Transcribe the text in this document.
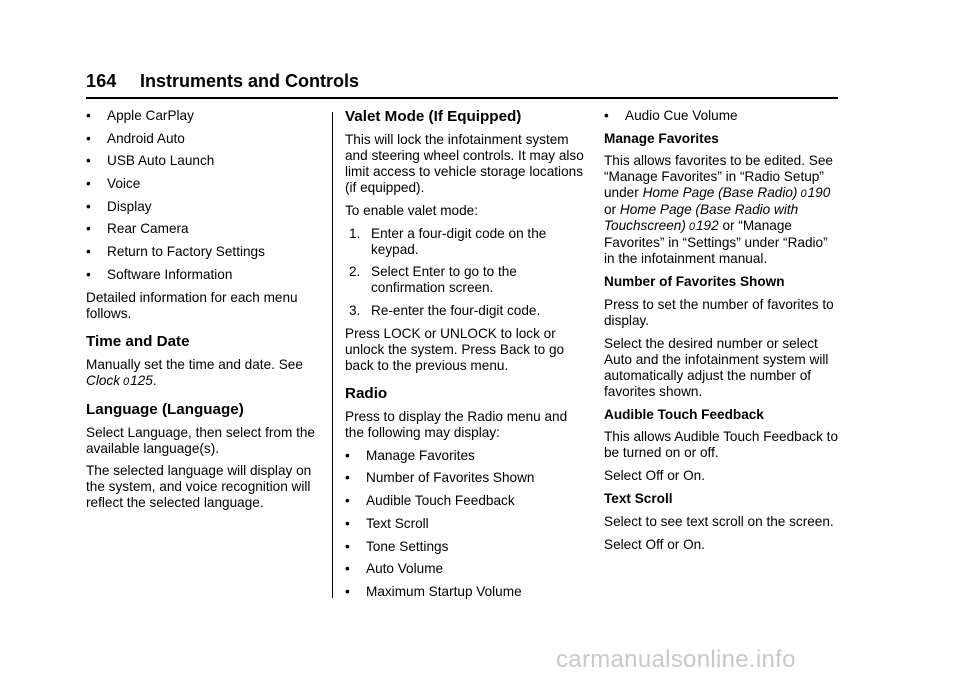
164 Instruments and Controls
• Apple CarPlay
• Android Auto
• USB Auto Launch
• Voice
• Display
• Rear Camera
• Return to Factory Settings
• Software Information

Detailed information for each menu follows.

Time and Date

Manually set the time and date. See Clock 0125.

Language (Language)

Select Language, then select from the available language(s).

The selected language will display on the system, and voice recognition will reflect the selected language.

Valet Mode (If Equipped)

This will lock the infotainment system and steering wheel controls. It may also limit access to vehicle storage locations (if equipped).

To enable valet mode:

1. Enter a four-digit code on the keypad.
2. Select Enter to go to the confirmation screen.
3. Re-enter the four-digit code.

Press LOCK or UNLOCK to lock or unlock the system. Press Back to go back to the previous menu.

Radio

Press to display the Radio menu and the following may display:

• Manage Favorites
• Number of Favorites Shown
• Audible Touch Feedback
• Text Scroll
• Tone Settings
• Auto Volume
• Maximum Startup Volume
• Audio Cue Volume
Manage Favorites

This allows favorites to be edited. See “Manage Favorites” in “Radio Setup” under Home Page (Base Radio) 0190 or Home Page (Base Radio with Touchscreen) 0192 or “Manage Favorites” in “Settings” under “Radio” in the infotainment manual.

Number of Favorites Shown

Press to set the number of favorites to display.

Select the desired number or select Auto and the infotainment system will automatically adjust the number of favorites shown.

Audible Touch Feedback

This allows Audible Touch Feedback to be turned on or off.

Select Off or On.

Text Scroll

Select to see text scroll on the screen.

Select Off or On.

carmanualsonline.info
